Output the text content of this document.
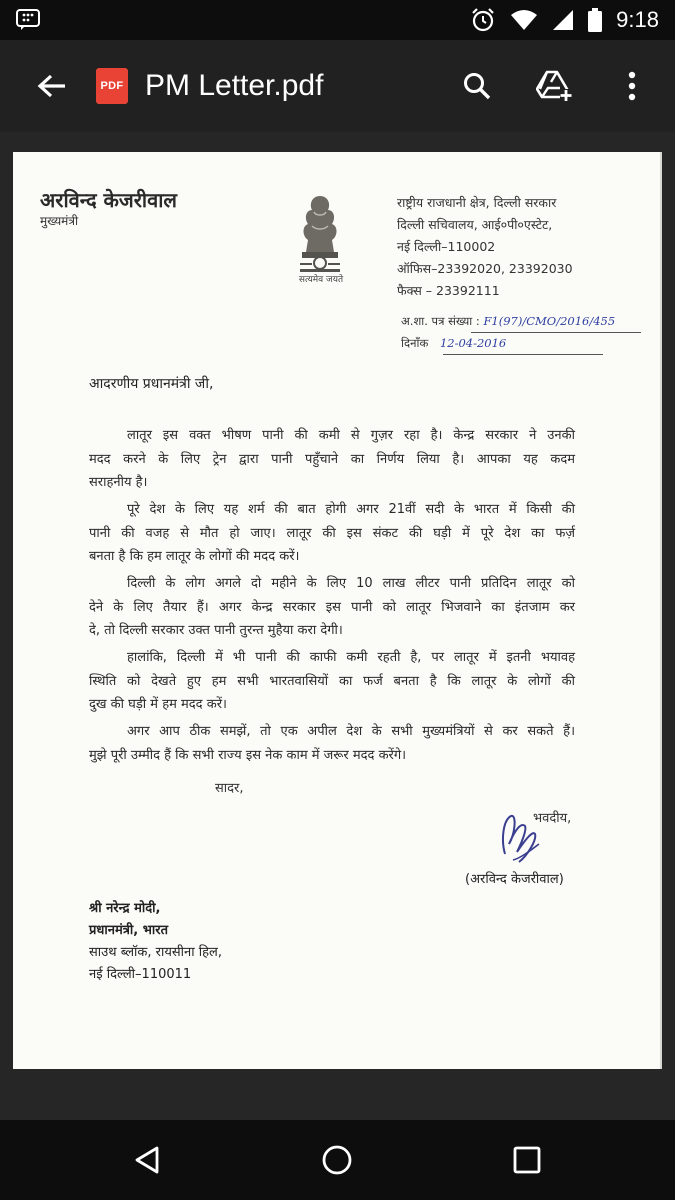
9:18
PDF PM Letter.pdf
अरविन्द केजरीवाल
मुख्यमंत्री
सत्यमेव जयते
राष्ट्रीय राजधानी क्षेत्र, दिल्ली सरकार
दिल्ली सचिवालय, आई०पी०एस्टेट,
नई दिल्ली–110002
ऑफिस–23392020, 23392030
फैक्स – 23392111
अ.शा. पत्र संख्या : F1(97)/CMO/2016/455
दिनाँक 12-04-2016
आदरणीय प्रधानमंत्री जी,
लातूर इस वक्त भीषण पानी की कमी से गुज़र रहा है। केन्द्र सरकार ने उनकी
मदद करने के लिए ट्रेन द्वारा पानी पहुँचाने का निर्णय लिया है। आपका यह कदम
सराहनीय है।
पूरे देश के लिए यह शर्म की बात होगी अगर 21वीं सदी के भारत में किसी की
पानी की वजह से मौत हो जाए। लातूर की इस संकट की घड़ी में पूरे देश का फर्ज़
बनता है कि हम लातूर के लोगों की मदद करें।
दिल्ली के लोग अगले दो महीने के लिए 10 लाख लीटर पानी प्रतिदिन लातूर को
देने के लिए तैयार हैं। अगर केन्द्र सरकार इस पानी को लातूर भिजवाने का इंतजाम कर
दे, तो दिल्ली सरकार उक्त पानी तुरन्त मुहैया करा देगी।
हालांकि, दिल्ली में भी पानी की काफी कमी रहती है, पर लातूर में इतनी भयावह
स्थिति को देखते हुए हम सभी भारतवासियों का फर्ज बनता है कि लातूर के लोगों की
दुख की घड़ी में हम मदद करें।
अगर आप ठीक समझें, तो एक अपील देश के सभी मुख्यमंत्रियों से कर सकते हैं।
मुझे पूरी उम्मीद हैं कि सभी राज्य इस नेक काम में जरूर मदद करेंगे।
सादर,
भवदीय,
(अरविन्द केजरीवाल)
श्री नरेन्द्र मोदी,
प्रधानमंत्री, भारत
साउथ ब्लॉक, रायसीना हिल,
नई दिल्ली–110011
